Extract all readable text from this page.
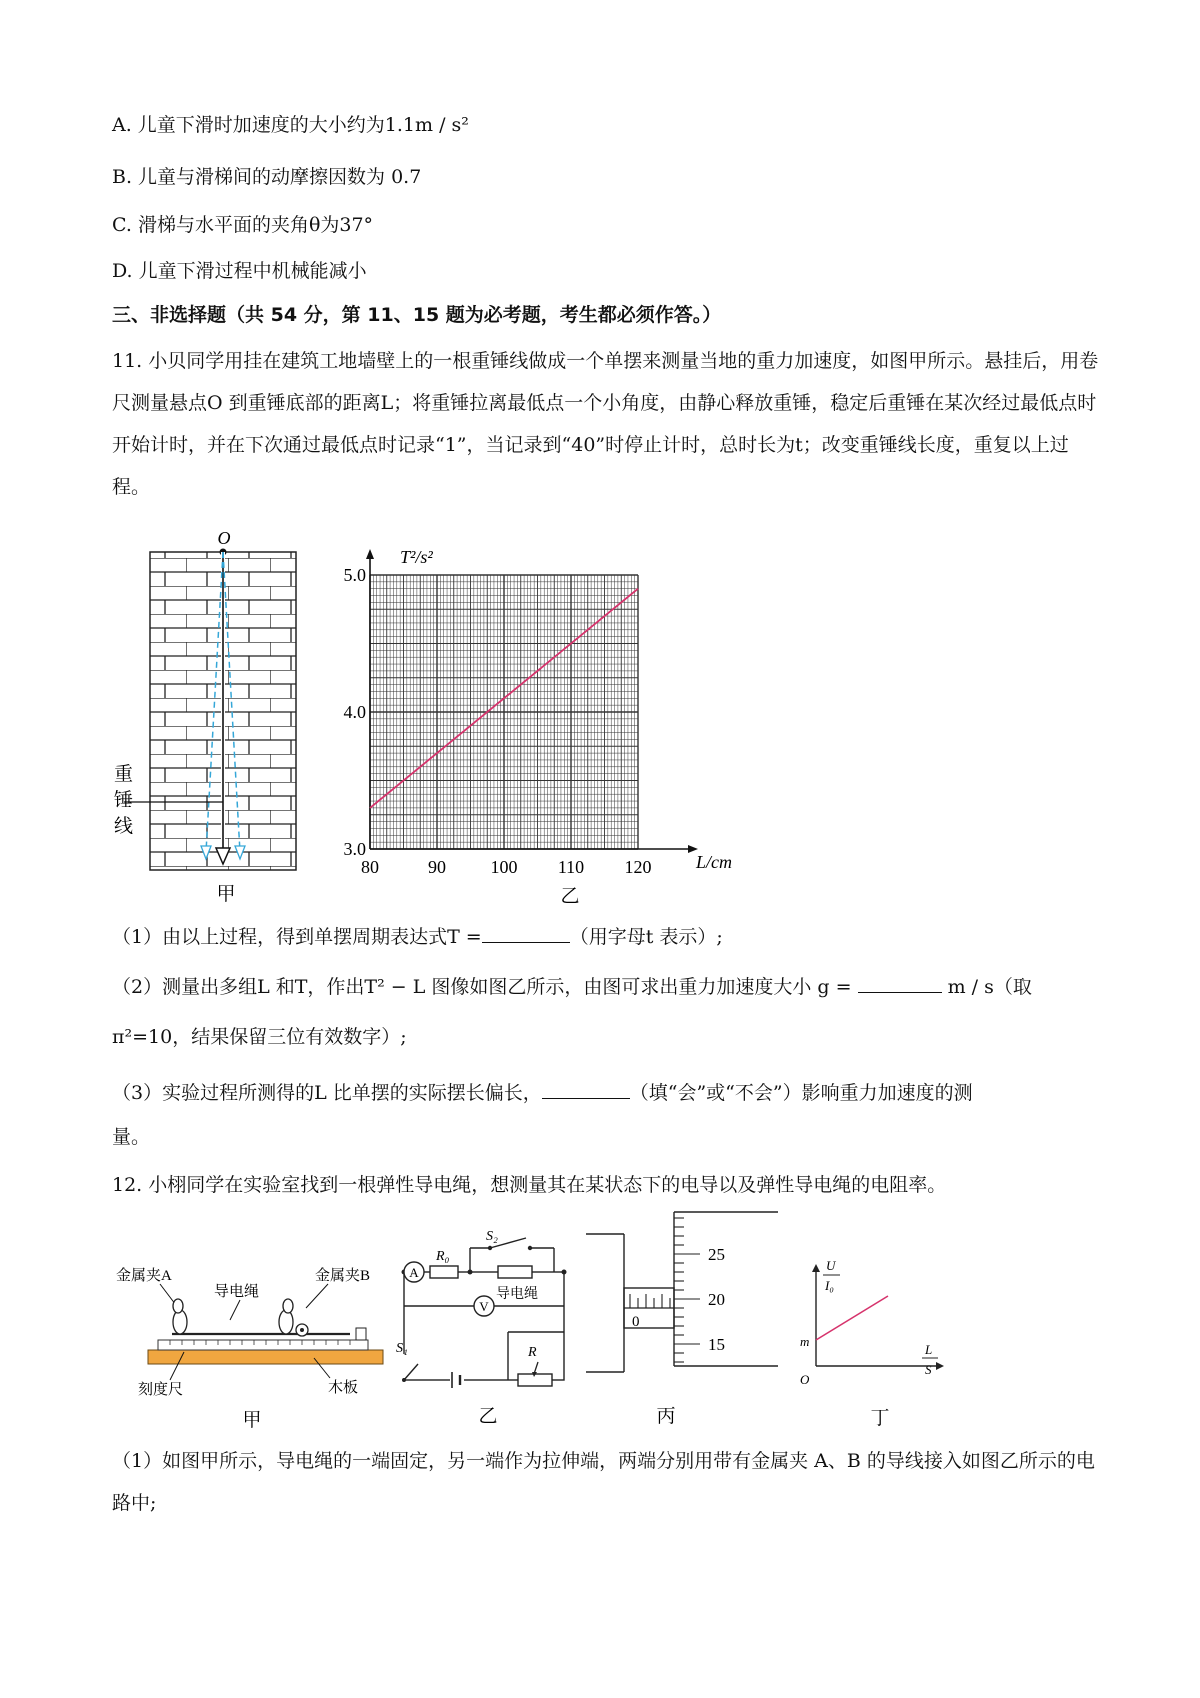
A. 儿童下滑时加速度的大小约为1.1m / s²
B. 儿童与滑梯间的动摩擦因数为 0.7
C. 滑梯与水平面的夹角θ为37°
D. 儿童下滑过程中机械能减小
三、非选择题（共 54 分，第 11、15 题为必考题，考生都必须作答。）
11. 小贝同学用挂在建筑工地墙壁上的一根重锤线做成一个单摆来测量当地的重力加速度，如图甲所示。悬挂后，用卷尺测量悬点O 到重锤底部的距离L；将重锤拉离最低点一个小角度，由静心释放重锤，稳定后重锤在某次经过最低点时开始计时，并在下次通过最低点时记录“1”，当记录到“40”时停止计时，总时长为t；改变重锤线长度，重复以上过程。
O
重
锤
线
甲
80	90 100 110 120
3.0
4.0
5.0
T²/s²
L/cm
乙
（1）由以上过程，得到单摆周期表达式T =	（用字母t 表示）;
（2）测量出多组L 和T，作出T² − L 图像如图乙所示，由图可求出重力加速度大小 g =	m / s（取
π²=10，结果保留三位有效数字）;
（3）实验过程所测得的L 比单摆的实际摆长偏长，	（填“会”或“不会”）影响重力加速度的测
量。
12. 小栩同学在实验室找到一根弹性导电绳，想测量其在某状态下的电导以及弹性导电绳的电阻率。
金属夹A
导电绳
金属夹B
刻度尺	木板
甲
R₀
导电绳
S₂
A
V
S₁	R
乙
0
25
20
15
丙
U
I₀
m
O
L
S
丁
（1）如图甲所示，导电绳的一端固定，另一端作为拉伸端，两端分别用带有金属夹 A、B 的导线接入如图乙所示的电路中;
